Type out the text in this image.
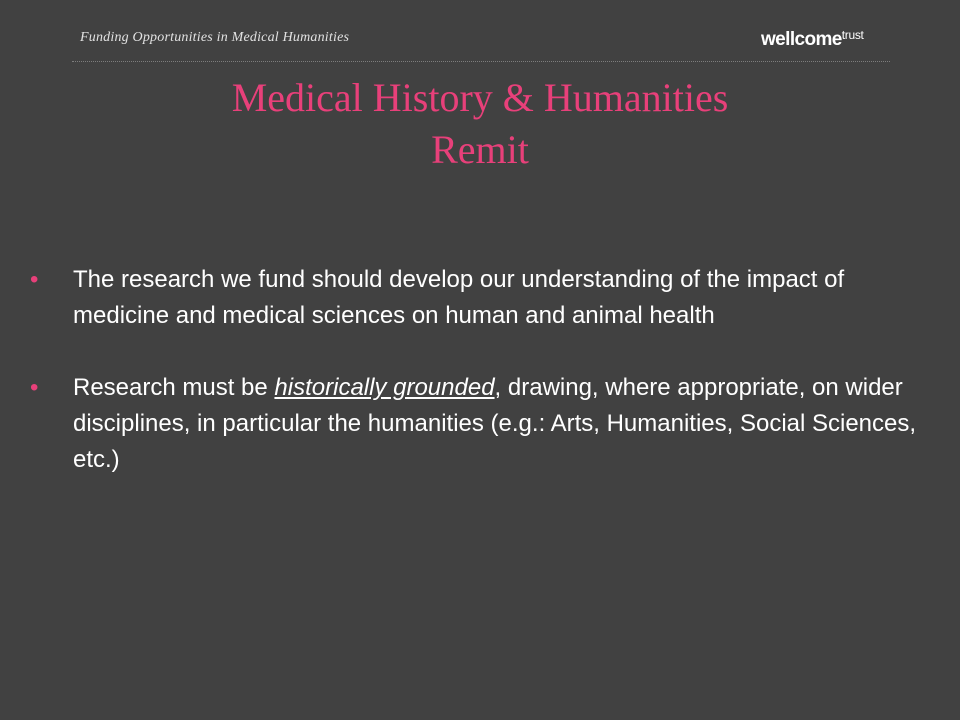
Funding Opportunities in Medical Humanities	wellcome$^{trust}$
Medical History & Humanities
Remit
• The research we fund should develop our understanding of the impact of medicine and medical sciences on human and animal health
• Research must be historically grounded, drawing, where appropriate, on wider disciplines, in particular the humanities (e.g.: Arts, Humanities, Social Sciences, etc.)
